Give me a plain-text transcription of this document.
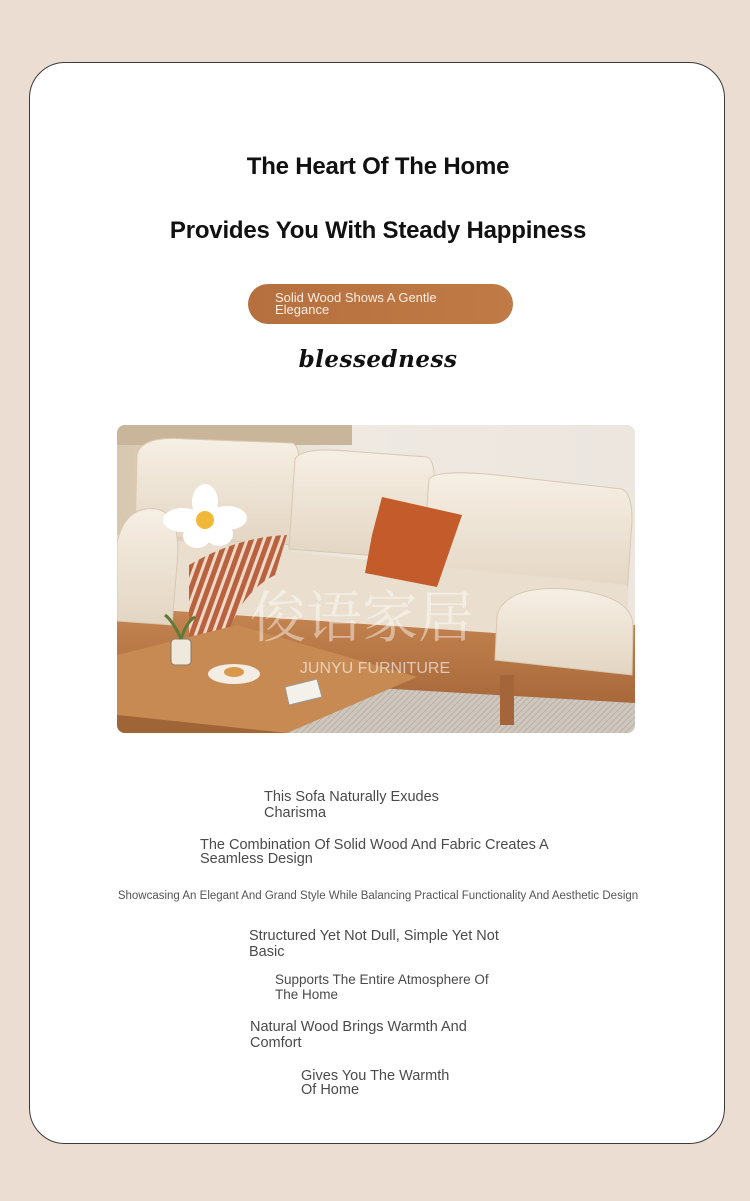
The Heart Of The Home
Provides You With Steady Happiness
Solid Wood Shows A Gentle
Elegance
blessedness
俊语家居
JUNYU FURNITURE
This Sofa Naturally Exudes Charisma
The Combination Of Solid Wood And Fabric Creates A Seamless Design
Showcasing An Elegant And Grand Style While Balancing Practical Functionality And Aesthetic Design
Structured Yet Not Dull, Simple Yet Not Basic
Supports The Entire Atmosphere Of The Home
Natural Wood Brings Warmth And Comfort
Gives You The Warmth Of Home
